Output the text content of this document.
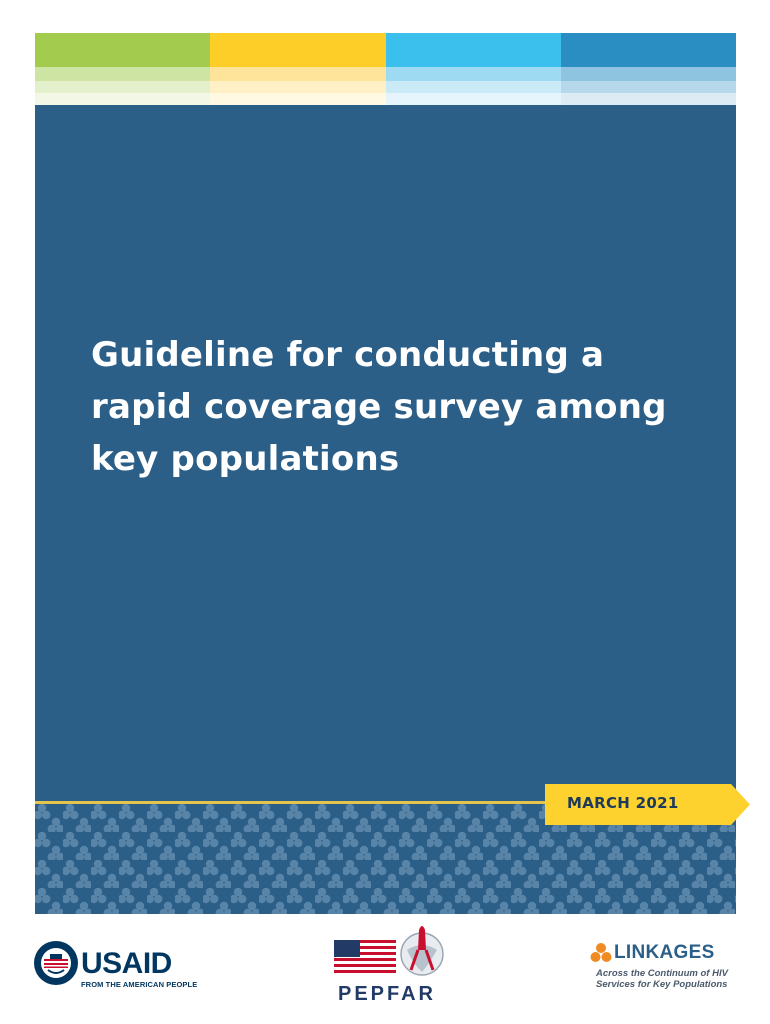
Guideline for conducting a rapid coverage survey among key populations
MARCH 2021
USAID
FROM THE AMERICAN PEOPLE	PEPFAR
LINKAGES
Across the Continuum of HIV Services for Key Populations
